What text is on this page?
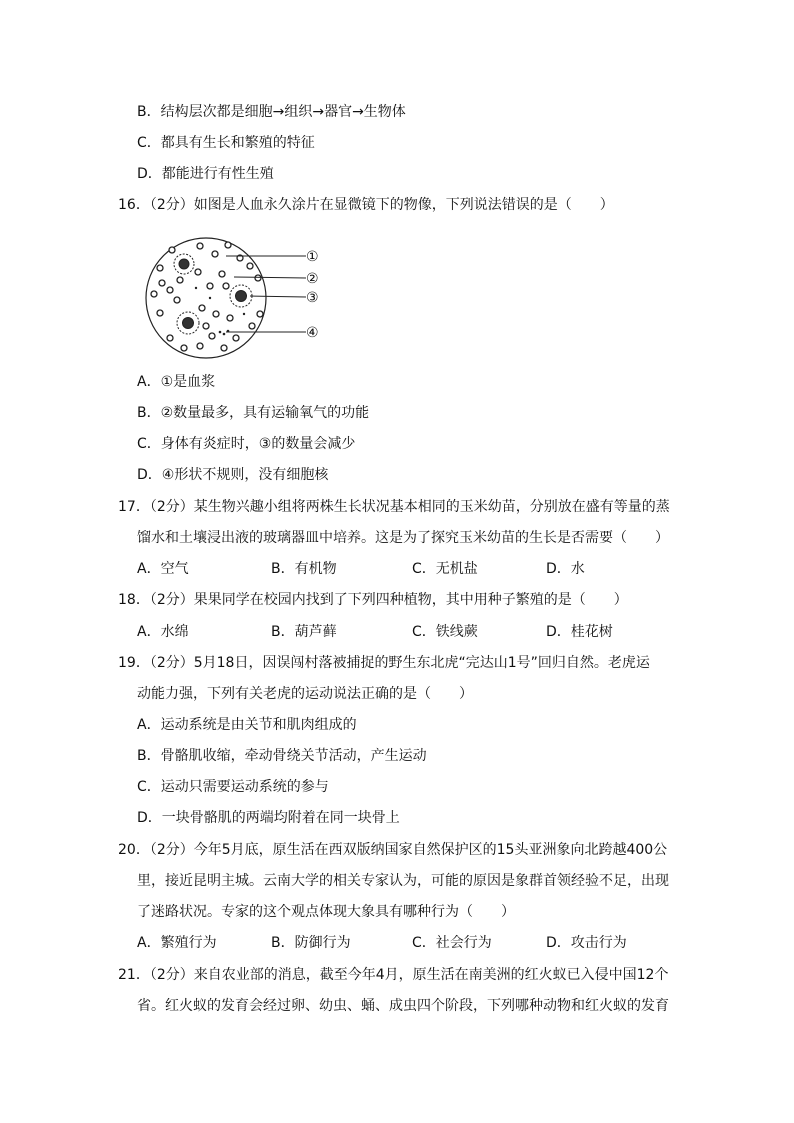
B．结构层次都是细胞→组织→器官→生物体
C．都具有生长和繁殖的特征
D．都能进行有性生殖
16．（2分）如图是人血永久涂片在显微镜下的物像，下列说法错误的是（　　）
①
②
③
④
A．①是血浆
B．②数量最多，具有运输氧气的功能
C．身体有炎症时，③的数量会减少
D．④形状不规则，没有细胞核
17．（2分）某生物兴趣小组将两株生长状况基本相同的玉米幼苗，分别放在盛有等量的蒸
馏水和土壤浸出液的玻璃器皿中培养。这是为了探究玉米幼苗的生长是否需要（　　）
A．空气	B．有机物	C．无机盐	D．水
18．（2分）果果同学在校园内找到了下列四种植物，其中用种子繁殖的是（　　）
A．水绵	B．葫芦藓	C．铁线蕨	D．桂花树
19．（2分）5月18日，因误闯村落被捕捉的野生东北虎“完达山1号”回归自然。老虎运
动能力强，下列有关老虎的运动说法正确的是（　　）
A．运动系统是由关节和肌肉组成的
B．骨骼肌收缩，牵动骨绕关节活动，产生运动
C．运动只需要运动系统的参与
D．一块骨骼肌的两端均附着在同一块骨上
20．（2分）今年5月底，原生活在西双版纳国家自然保护区的15头亚洲象向北跨越400公
里，接近昆明主城。云南大学的相关专家认为，可能的原因是象群首领经验不足，出现
了迷路状况。专家的这个观点体现大象具有哪种行为（　　）
A．繁殖行为	B．防御行为	C．社会行为	D．攻击行为
21．（2分）来自农业部的消息，截至今年4月，原生活在南美洲的红火蚁已入侵中国12个
省。红火蚁的发育会经过卵、幼虫、蛹、成虫四个阶段，下列哪种动物和红火蚁的发育
